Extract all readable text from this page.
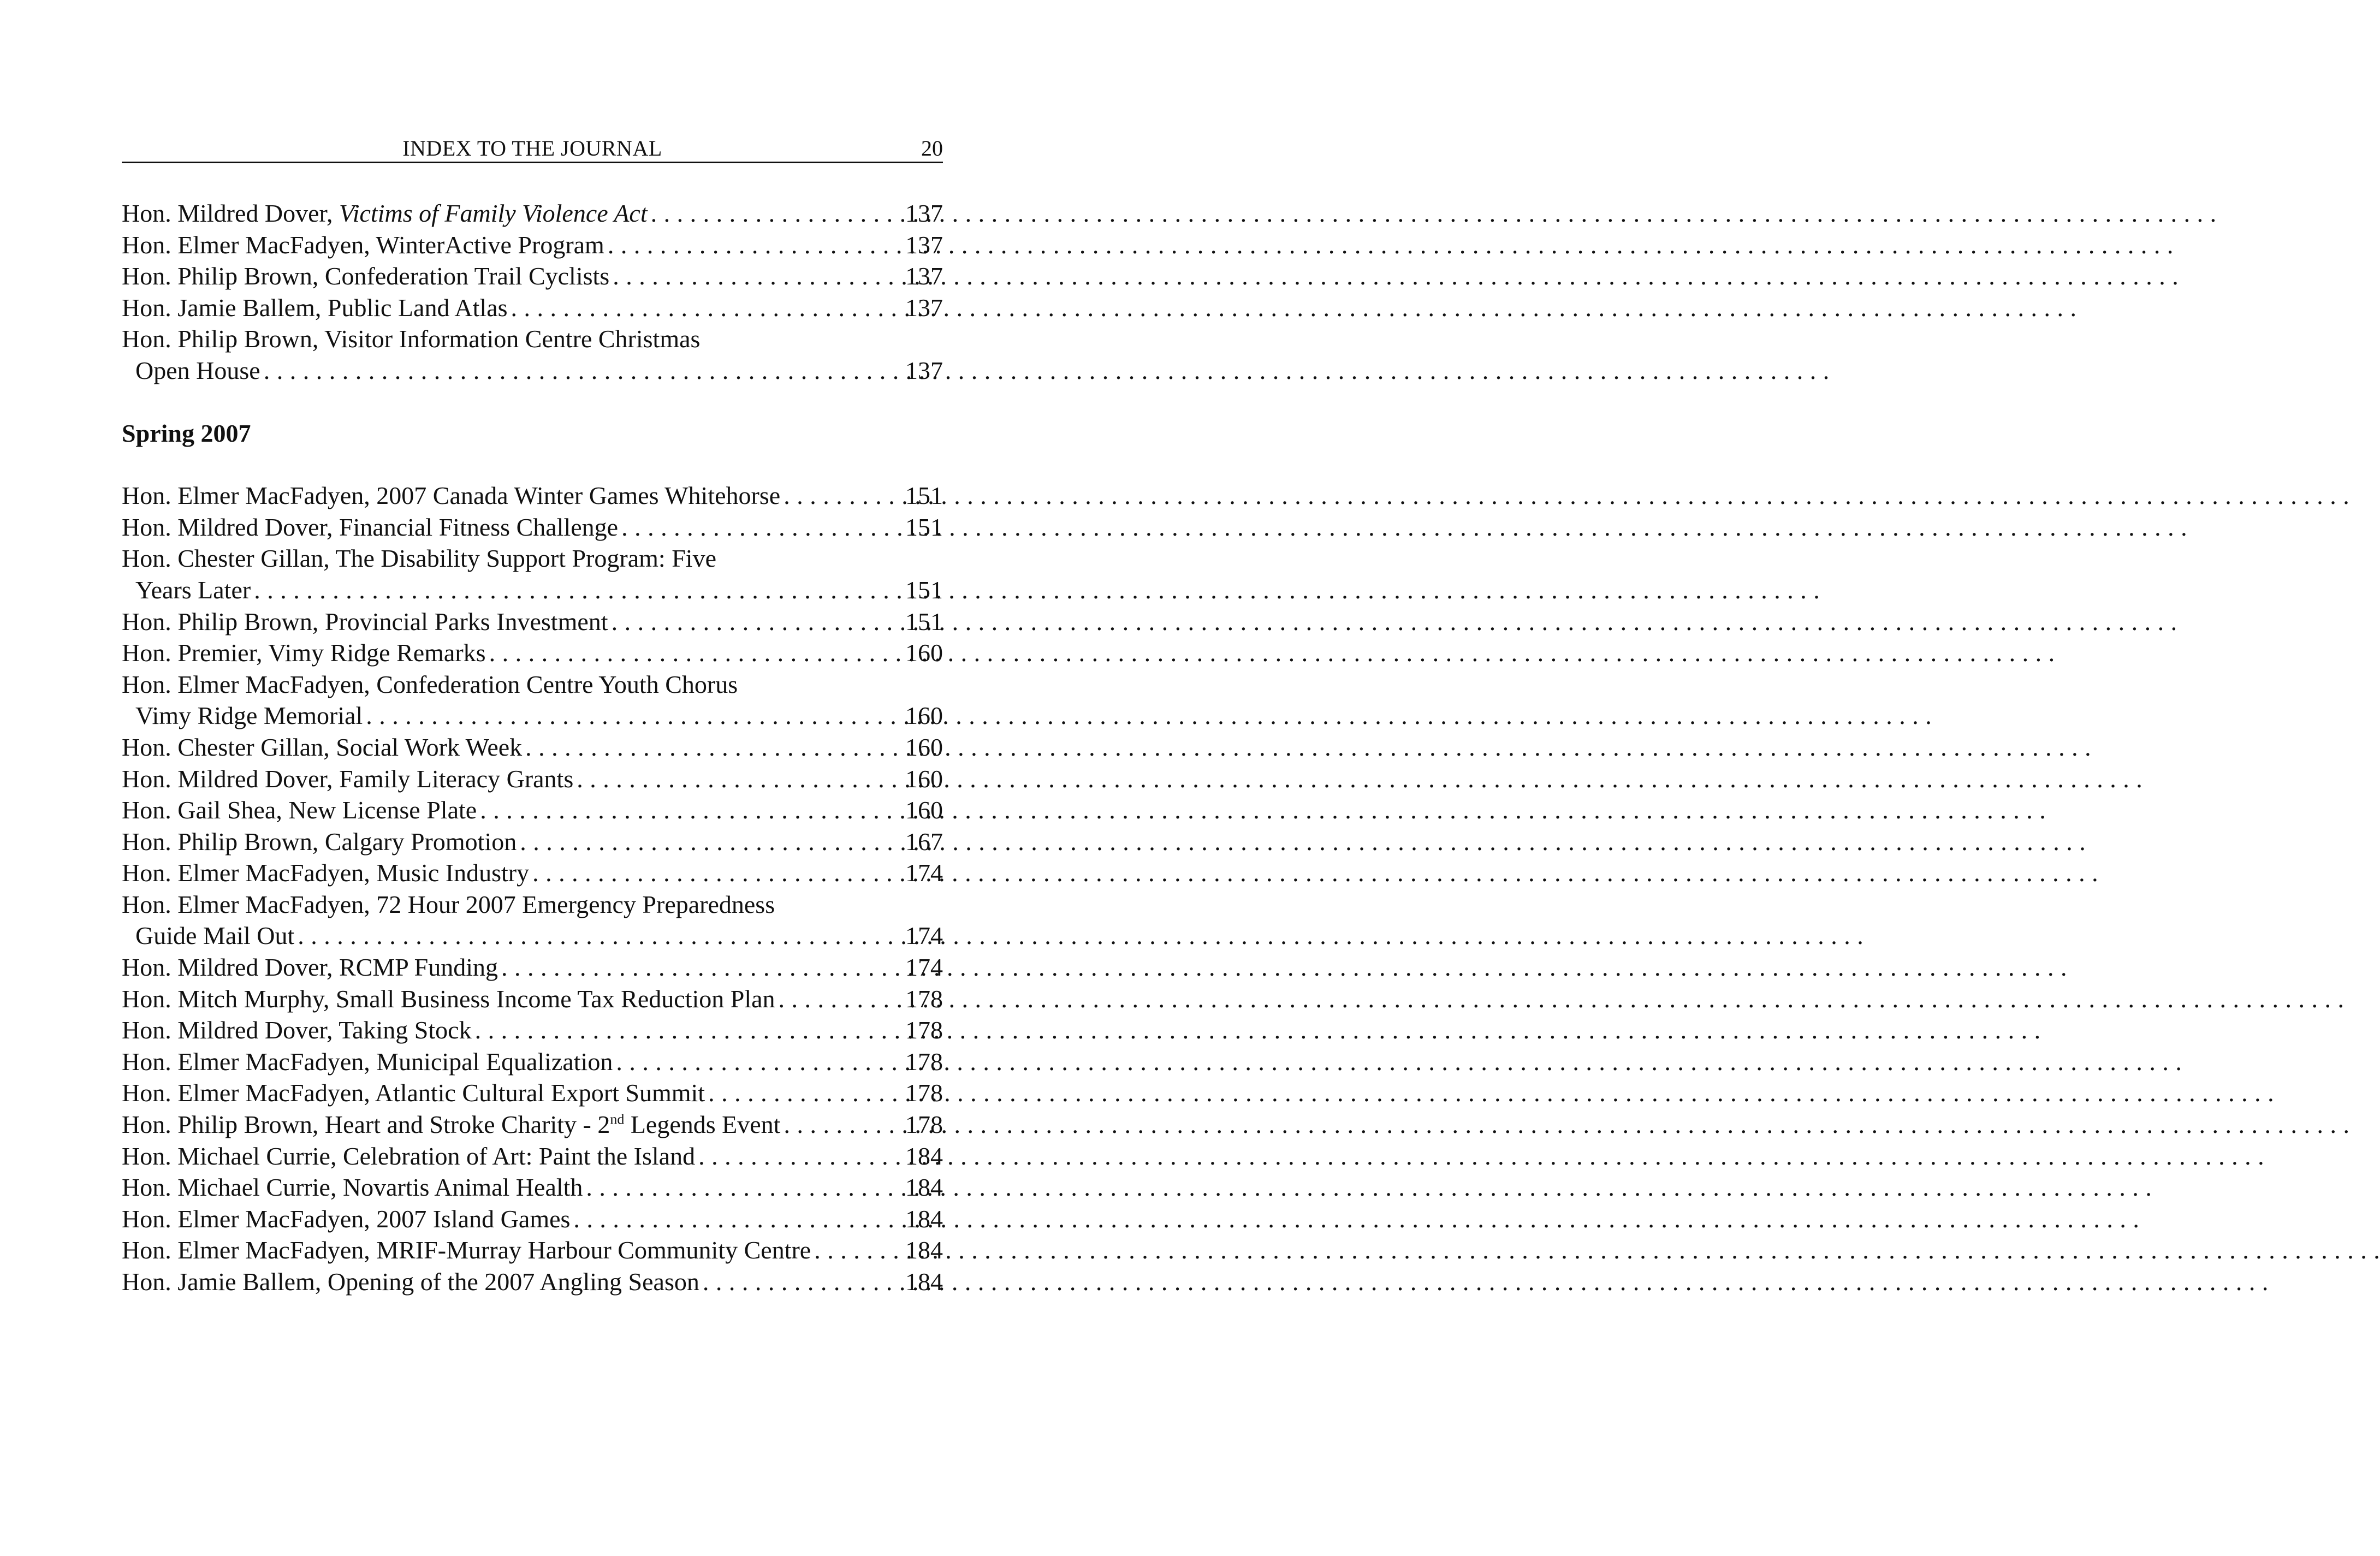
INDEX TO THE JOURNAL	20
Hon. Mildred Dover, Victims of Family Violence Act . . .	137
Hon. Elmer MacFadyen, WinterActive Program . . .	137
Hon. Philip Brown, Confederation Trail Cyclists . . .	137
Hon. Jamie Ballem, Public Land Atlas . . .	137
Hon. Philip Brown, Visitor Information Centre Christmas
Open House . . .	137
Spring 2007
Hon. Elmer MacFadyen, 2007 Canada Winter Games Whitehorse . . .	151
Hon. Mildred Dover, Financial Fitness Challenge . . .	151
Hon. Chester Gillan, The Disability Support Program: Five
Years Later . . .	151
Hon. Philip Brown, Provincial Parks Investment . . .	151
Hon. Premier, Vimy Ridge Remarks . . .	160
Hon. Elmer MacFadyen, Confederation Centre Youth Chorus
Vimy Ridge Memorial . . .	160
Hon. Chester Gillan, Social Work Week . . .	160
Hon. Mildred Dover, Family Literacy Grants . . .	160
Hon. Gail Shea, New License Plate . . .	160
Hon. Philip Brown, Calgary Promotion . . .	167
Hon. Elmer MacFadyen, Music Industry . . .	174
Hon. Elmer MacFadyen, 72 Hour 2007 Emergency Preparedness
Guide Mail Out . . .	174
Hon. Mildred Dover, RCMP Funding . . .	174
Hon. Mitch Murphy, Small Business Income Tax Reduction Plan . . .	178
Hon. Mildred Dover, Taking Stock . . .	178
Hon. Elmer MacFadyen, Municipal Equalization . . .	178
Hon. Elmer MacFadyen, Atlantic Cultural Export Summit . . .	178
Hon. Philip Brown, Heart and Stroke Charity - 2nd Legends Event . . .	178
Hon. Michael Currie, Celebration of Art: Paint the Island . . .	184
Hon. Michael Currie, Novartis Animal Health . . .	184
Hon. Elmer MacFadyen, 2007 Island Games . . .	184
Hon. Elmer MacFadyen, MRIF-Murray Harbour Community Centre . . .	184
Hon. Jamie Ballem, Opening of the 2007 Angling Season . . .	184
